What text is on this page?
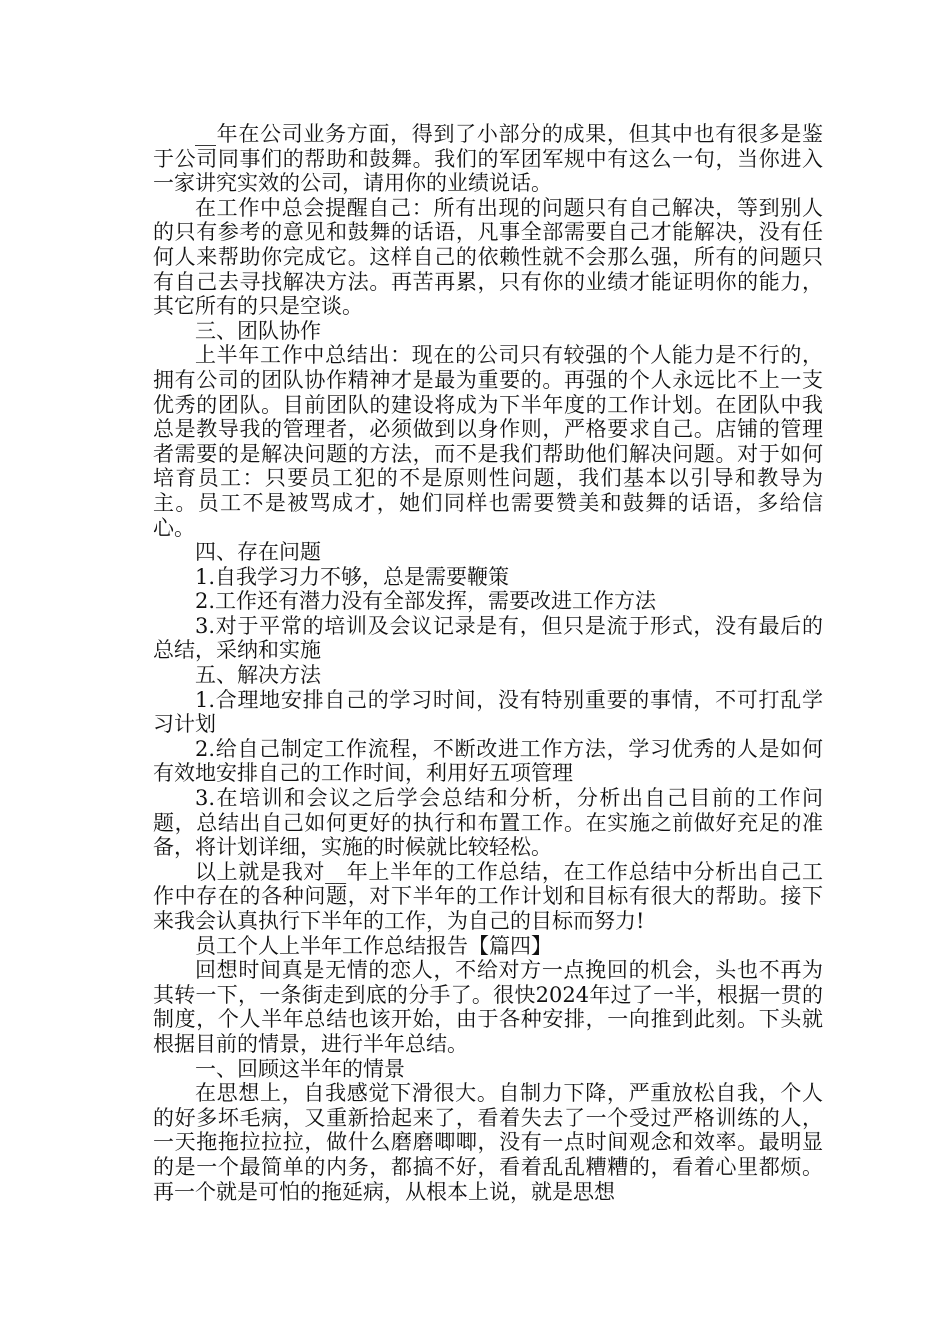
__年在公司业务方面，得到了小部分的成果，但其中也有很多是鉴于公司同事们的帮助和鼓舞。我们的军团军规中有这么一句，当你进入一家讲究实效的公司，请用你的业绩说话。

在工作中总会提醒自己：所有出现的问题只有自己解决，等到别人的只有参考的意见和鼓舞的话语，凡事全部需要自己才能解决，没有任何人来帮助你完成它。这样自己的依赖性就不会那么强，所有的问题只有自己去寻找解决方法。再苦再累，只有你的业绩才能证明你的能力，其它所有的只是空谈。

三、团队协作

上半年工作中总结出：现在的公司只有较强的个人能力是不行的，拥有公司的团队协作精神才是最为重要的。再强的个人永远比不上一支优秀的团队。目前团队的建设将成为下半年度的工作计划。在团队中我总是教导我的管理者，必须做到以身作则，严格要求自己。店铺的管理者需要的是解决问题的方法，而不是我们帮助他们解决问题。对于如何培育员工：只要员工犯的不是原则性问题，我们基本以引导和教导为主。员工不是被骂成才，她们同样也需要赞美和鼓舞的话语，多给信心。

四、存在问题

1.自我学习力不够，总是需要鞭策

2.工作还有潜力没有全部发挥，需要改进工作方法

3.对于平常的培训及会议记录是有，但只是流于形式，没有最后的总结，采纳和实施

五、解决方法

1.合理地安排自己的学习时间，没有特别重要的事情，不可打乱学习计划

2.给自己制定工作流程，不断改进工作方法，学习优秀的人是如何有效地安排自己的工作时间，利用好五项管理

3.在培训和会议之后学会总结和分析，分析出自己目前的工作问题，总结出自己如何更好的执行和布置工作。在实施之前做好充足的准备，将计划详细，实施的时候就比较轻松。

以上就是我对__年上半年的工作总结，在工作总结中分析出自己工作中存在的各种问题，对下半年的工作计划和目标有很大的帮助。接下来我会认真执行下半年的工作，为自己的目标而努力!

员工个人上半年工作总结报告【篇四】

回想时间真是无情的恋人，不给对方一点挽回的机会，头也不再为其转一下，一条街走到底的分手了。很快2024年过了一半，根据一贯的制度，个人半年总结也该开始，由于各种安排，一向推到此刻。下头就根据目前的情景，进行半年总结。

一、回顾这半年的情景

在思想上，自我感觉下滑很大。自制力下降，严重放松自我，个人的好多坏毛病，又重新拾起来了，看着失去了一个受过严格训练的人，一天拖拖拉拉拉，做什么磨磨唧唧，没有一点时间观念和效率。最明显的是一个最简单的内务，都搞不好，看着乱乱糟糟的，看着心里都烦。再一个就是可怕的拖延病，从根本上说，就是思想
